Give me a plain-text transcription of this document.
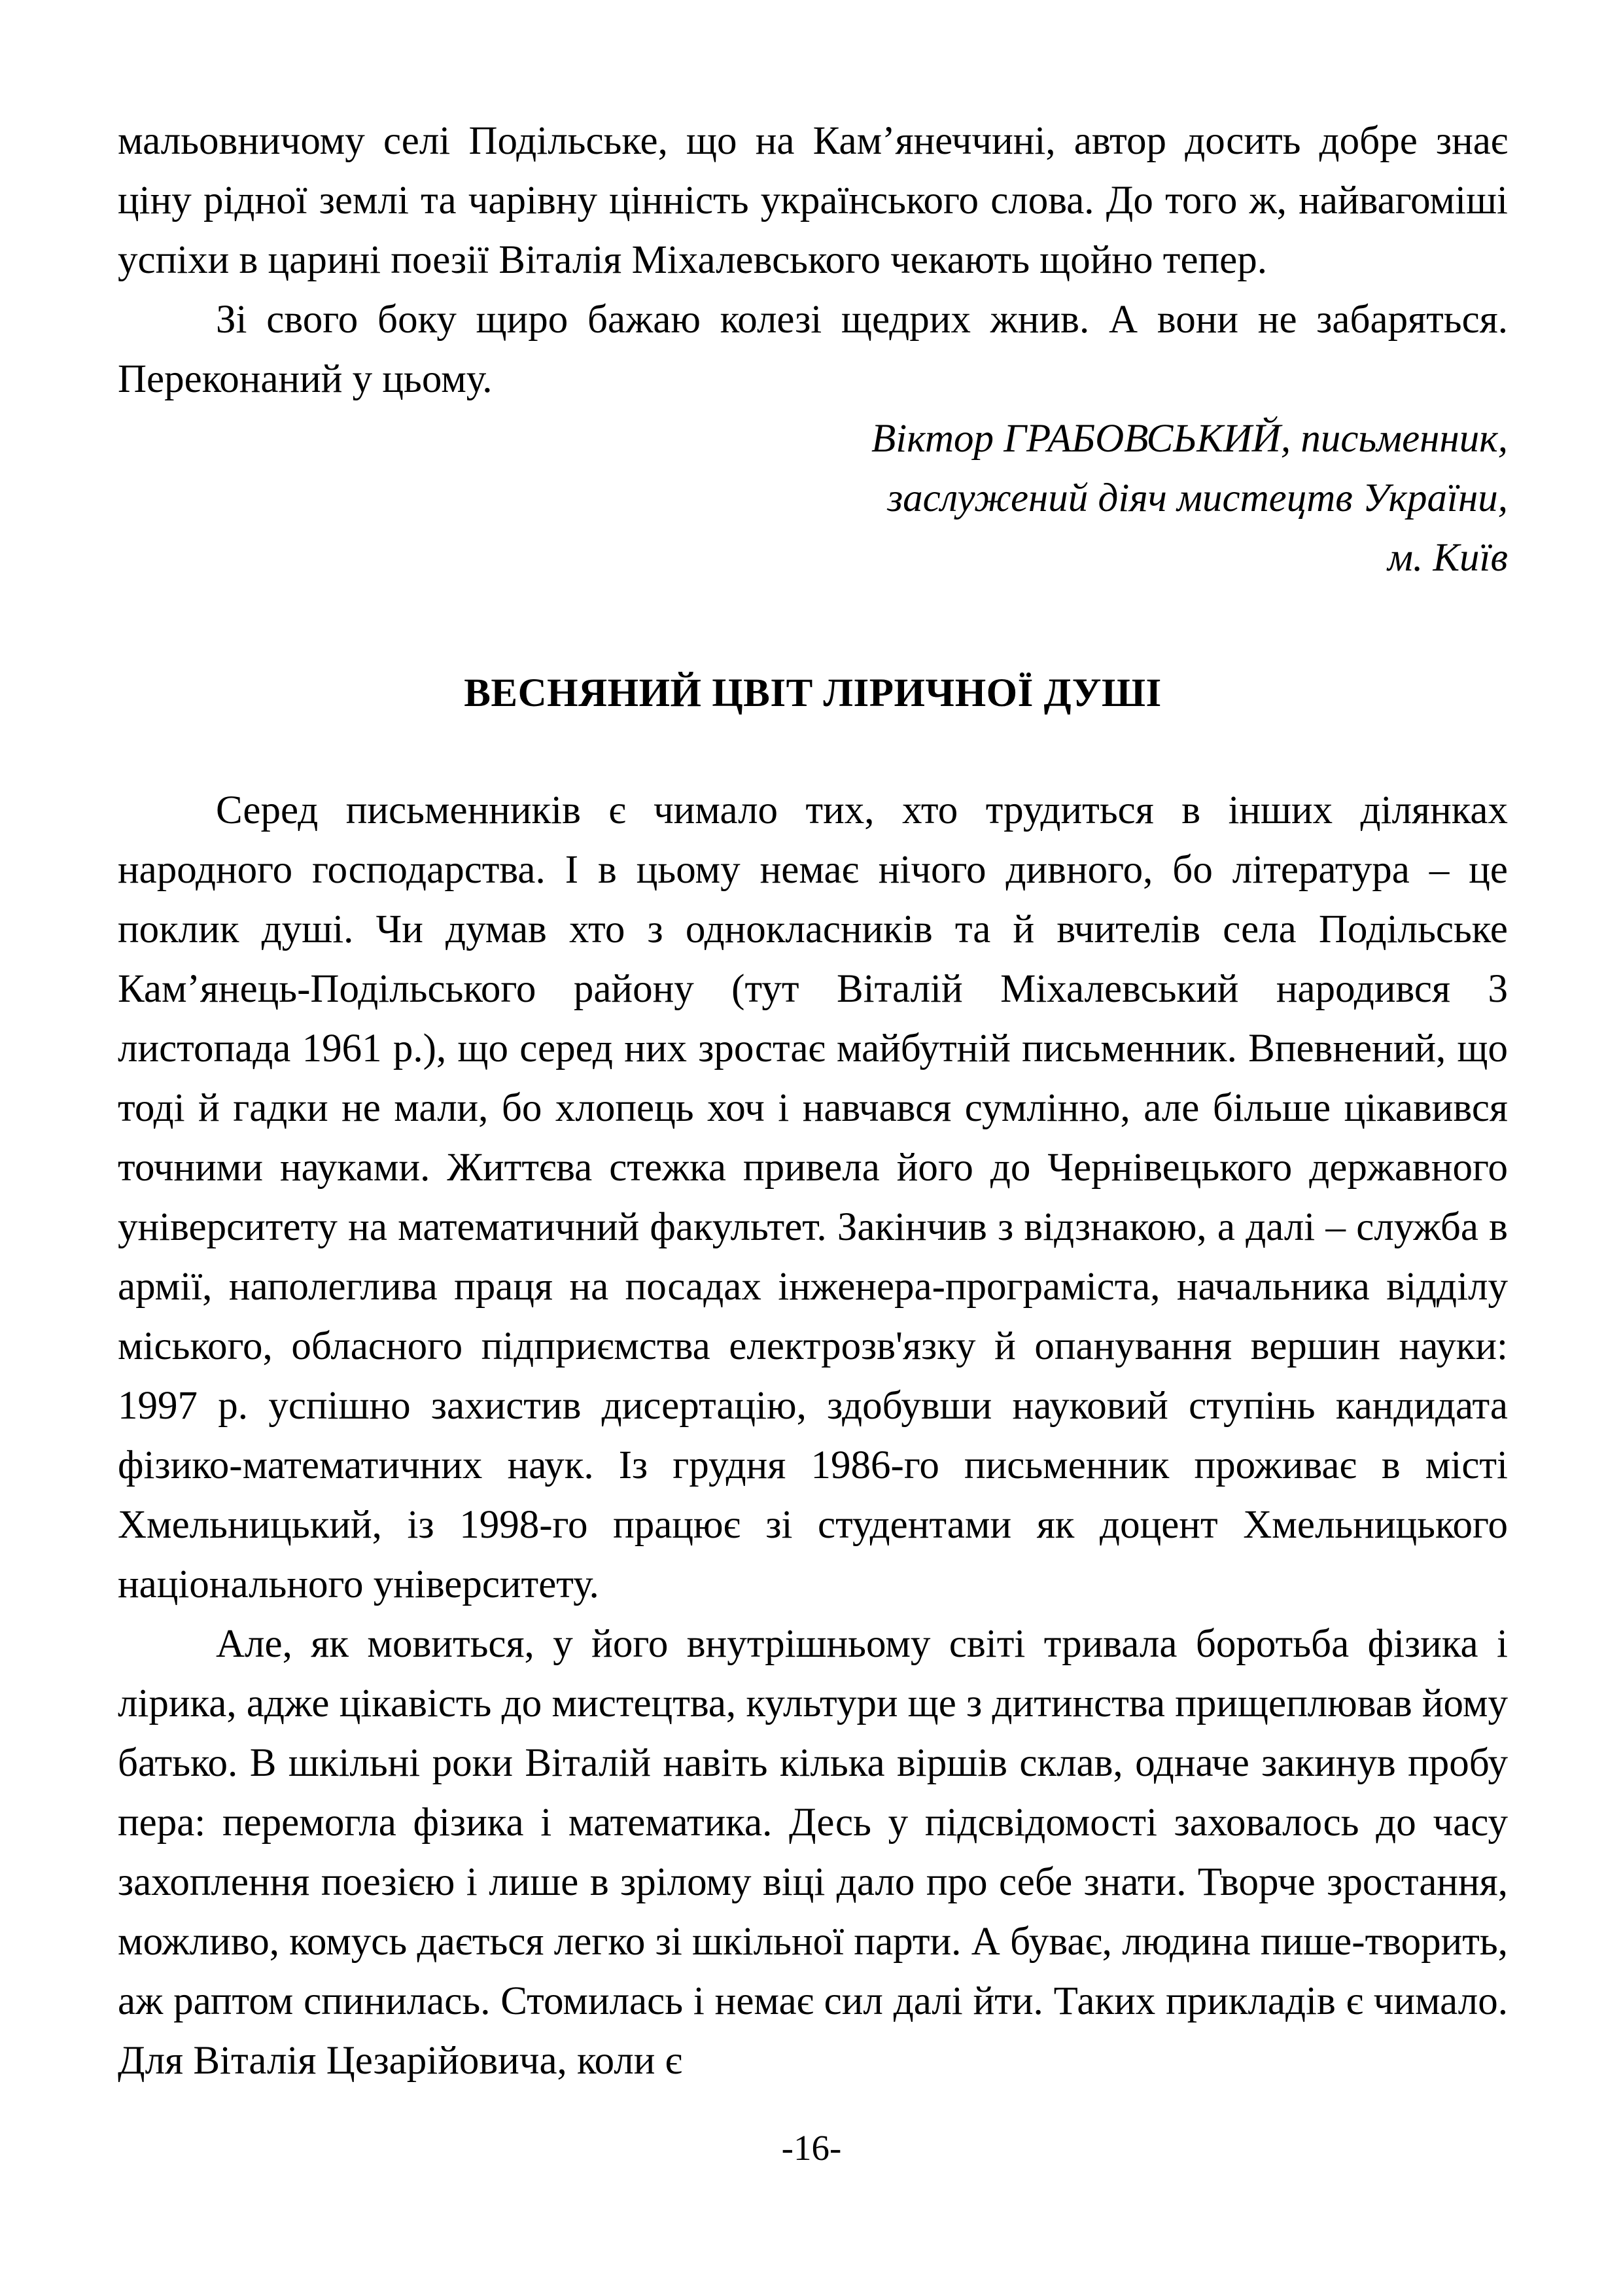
мальовничому селі Подільське, що на Кам’янеччині, автор досить добре знає ціну рідної землі та чарівну цінність українського слова. До того ж, найвагоміші успіхи в царині поезії Віталія Міхалевського чекають щойно тепер.

Зі свого боку щиро бажаю колезі щедрих жнив. А вони не забаряться. Переконаний у цьому.

Віктор ГРАБОВСЬКИЙ, письменник,
заслужений діяч мистецтв України,
м. Київ
ВЕСНЯНИЙ ЦВІТ ЛІРИЧНОЇ ДУШІ

Серед письменників є чимало тих, хто трудиться в інших ділянках народного господарства. І в цьому немає нічого дивного, бо література – це поклик душі. Чи думав хто з однокласників та й вчителів села Подільське Кам’янець-Подільського району (тут Віталій Міхалевський народився 3 листопада 1961 р.), що серед них зростає майбутній письменник. Впевнений, що тоді й гадки не мали, бо хлопець хоч і навчався сумлінно, але більше цікавився точними науками. Життєва стежка привела його до Чернівецького державного університету на математичний факультет. Закінчив з відзнакою, а далі – служба в армії, наполеглива праця на посадах інженера-програміста, начальника відділу міського, обласного підприємства електрозв'язку й опанування вершин науки: 1997 р. успішно захистив дисертацію, здобувши науковий ступінь кандидата фізико-математичних наук. Із грудня 1986-го письменник проживає в місті Хмельницький, із 1998-го працює зі студентами як доцент Хмельницького національного університету.

Але, як мовиться, у його внутрішньому світі тривала боротьба фізика і лірика, адже цікавість до мистецтва, культури ще з дитинства прищеплював йому батько. В шкільні роки Віталій навіть кілька віршів склав, одначе закинув пробу пера: перемогла фізика і математика. Десь у підсвідомості заховалось до часу захоплення поезією і лише в зрілому віці дало про себе знати. Творче зростання, можливо, комусь дається легко зі шкільної парти. А буває, людина пише-творить, аж раптом спинилась. Стомилась і немає сил далі йти. Таких прикладів є чимало. Для Віталія Цезарійовича, коли є

-16-
